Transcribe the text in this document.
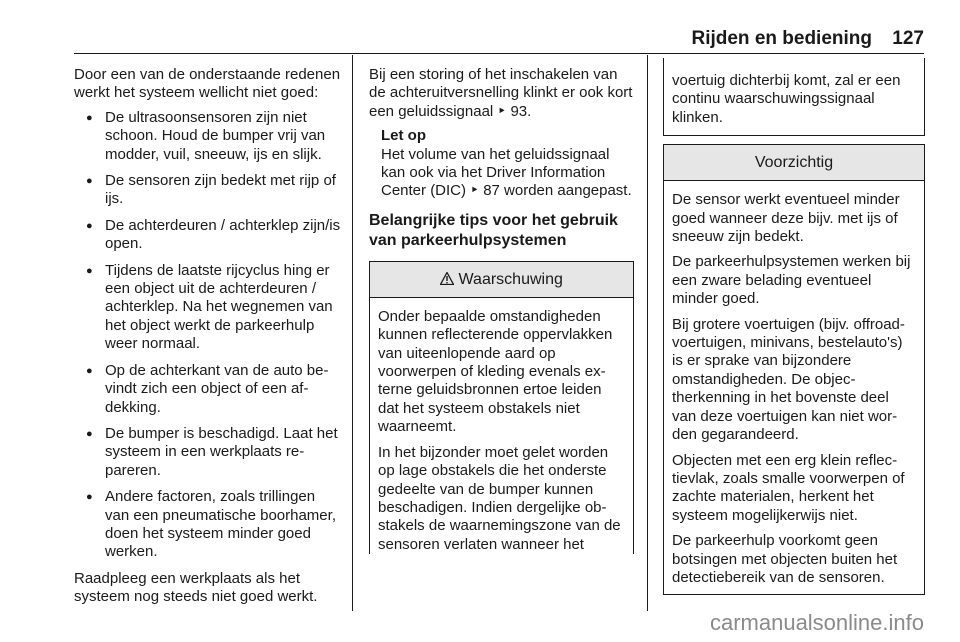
Rijden en bediening 127

Door een van de onderstaande redenen werkt het systeem wellicht niet goed:

● De ultrasoonsensoren zijn niet schoon. Houd de bumper vrij van modder, vuil, sneeuw, ijs en slijk.
● De sensoren zijn bedekt met rijp of ijs.
● De achterdeuren / achterklep zijn/is open.
● Tijdens de laatste rijcyclus hing er een object uit de achterdeuren / achterklep. Na het wegnemen van het object werkt de parkeerhulp weer normaal.
● Op de achterkant van de auto bevindt zich een object of een afdekking.
● De bumper is beschadigd. Laat het systeem in een werkplaats repareren.
● Andere factoren, zoals trillingen van een pneumatische boorhamer, doen het systeem minder goed werken.

Raadpleeg een werkplaats als het systeem nog steeds niet goed werkt.

Bij een storing of het inschakelen van de achteruitversnelling klinkt er ook kort een geluidssignaal ‣ 93.

Let op
Het volume van het geluidssignaal kan ook via het Driver Information Center (DIC) ‣ 87 worden aangepast.
Belangrijke tips voor het gebruik van parkeerhulpsystemen
Waarschuwing

Onder bepaalde omstandigheden kunnen reflecterende oppervlakken van uiteenlopende aard op voorwerpen of kleding evenals externe geluidsbronnen ertoe leiden dat het systeem obstakels niet waarneemt.

In het bijzonder moet gelet worden op lage obstakels die het onderste gedeelte van de bumper kunnen beschadigen. Indien dergelijke obstakels de waarnemingszone van de sensoren verlaten wanneer het

voertuig dichterbij komt, zal er een continu waarschuwingssignaal klinken.
Voorzichtig

De sensor werkt eventueel minder goed wanneer deze bijv. met ijs of sneeuw zijn bedekt.

De parkeerhulpsystemen werken bij een zware belading eventueel minder goed.

Bij grotere voertuigen (bijv. offroad-voertuigen, minivans, bestelauto's) is er sprake van bijzondere omstandigheden. De objectherkenning in het bovenste deel van deze voertuigen kan niet worden gegarandeerd.

Objecten met een erg klein reflectievlak, zoals smalle voorwerpen of zachte materialen, herkent het systeem mogelijkerwijs niet.

De parkeerhulp voorkomt geen botsingen met objecten buiten het detectiebereik van de sensoren.

carmanualsonline.info
